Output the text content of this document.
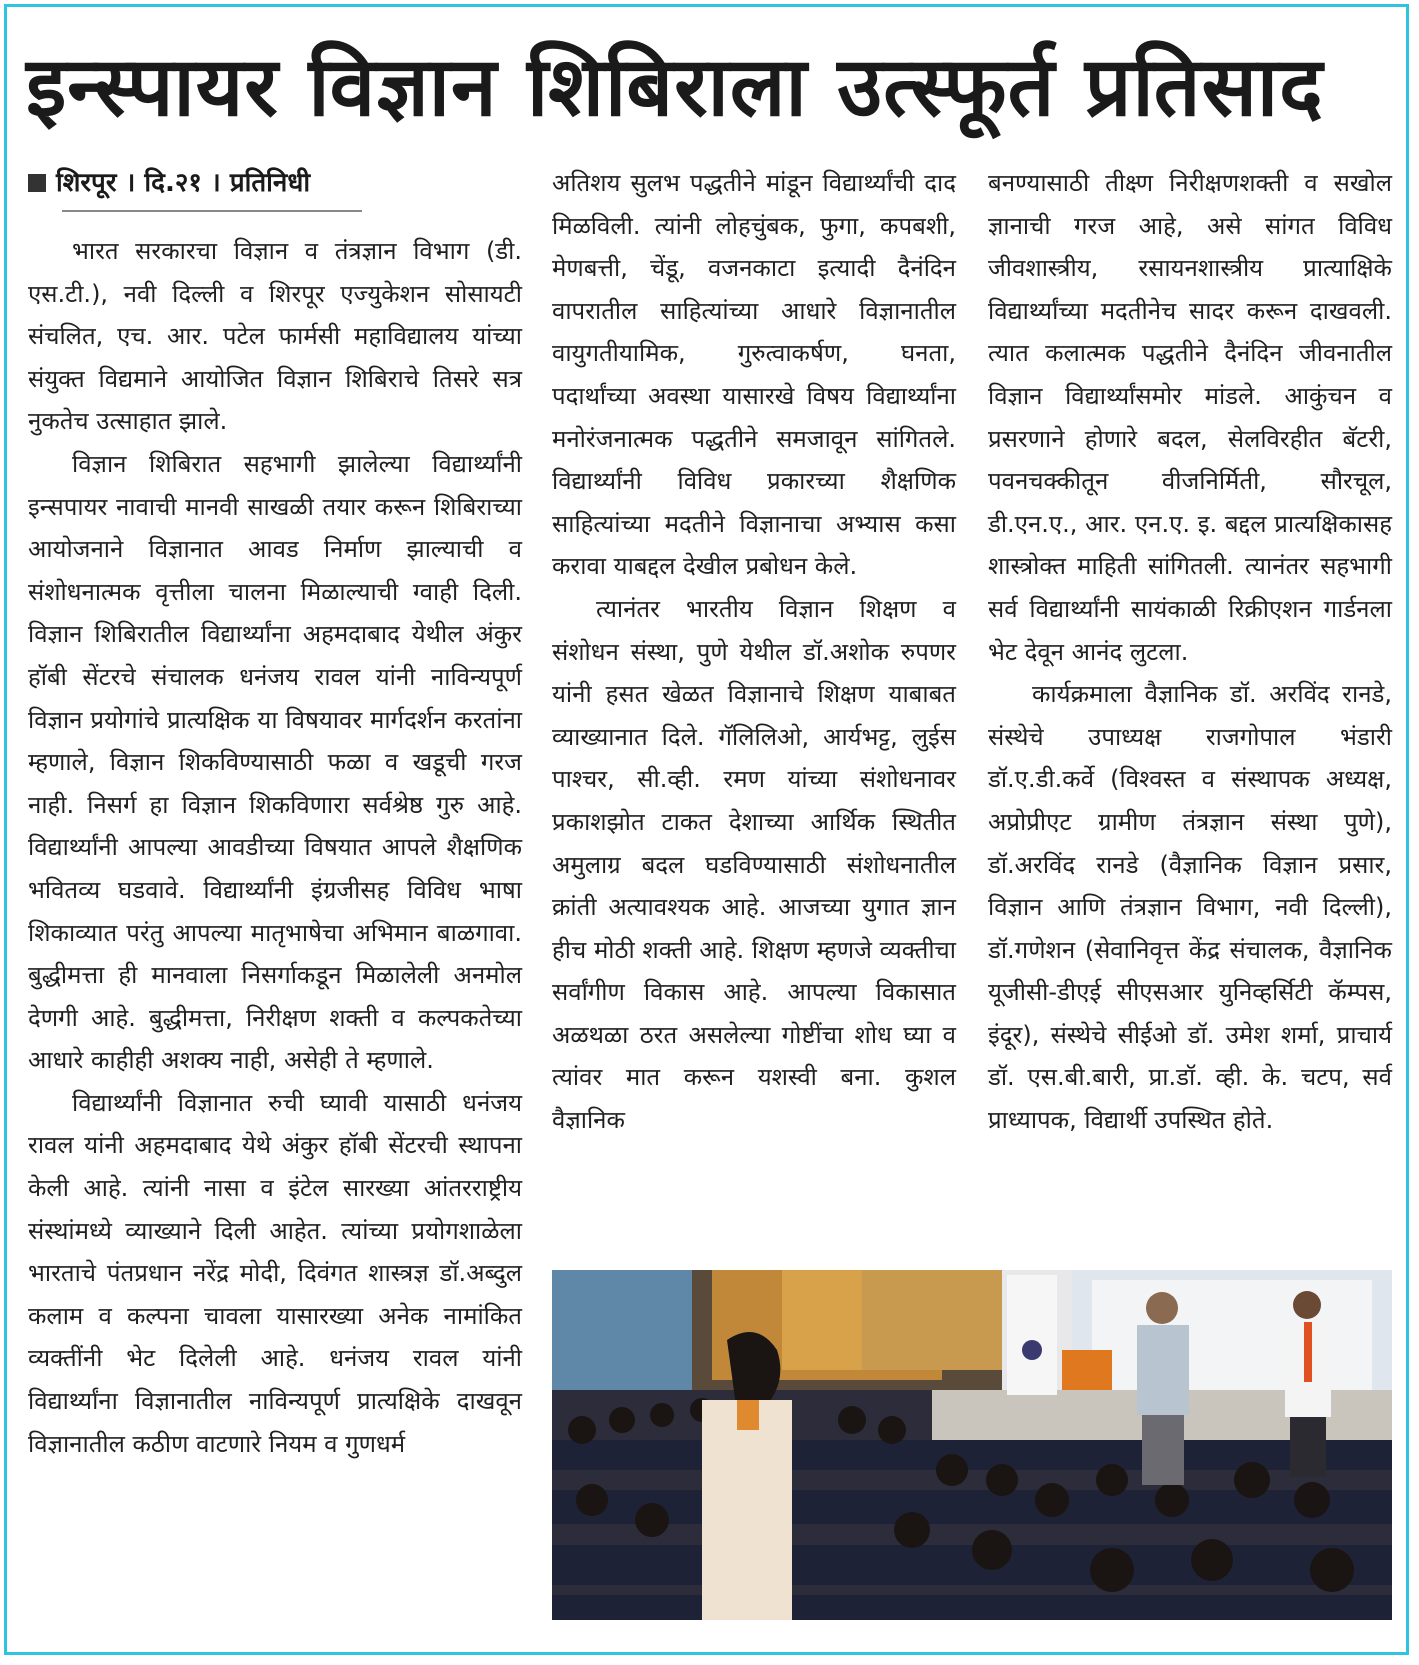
इन्स्पायर विज्ञान शिबिराला उत्स्फूर्त प्रतिसाद
शिरपूर । दि.२१ । प्रतिनिधी

भारत सरकारचा विज्ञान व तंत्रज्ञान विभाग (डी. एस.टी.), नवी दिल्ली व शिरपूर एज्युकेशन सोसायटी संचलित, एच. आर. पटेल फार्मसी महाविद्यालय यांच्या संयुक्त विद्यमाने आयोजित विज्ञान शिबिराचे तिसरे सत्र नुकतेच उत्साहात झाले.

विज्ञान शिबिरात सहभागी झालेल्या विद्यार्थ्यांनी इन्सपायर नावाची मानवी साखळी तयार करून शिबिराच्या आयोजनाने विज्ञानात आवड निर्माण झाल्याची व संशोधनात्मक वृत्तीला चालना मिळाल्याची ग्वाही दिली. विज्ञान शिबिरातील विद्यार्थ्यांना अहमदाबाद येथील अंकुर हॉबी सेंटरचे संचालक धनंजय रावल यांनी नाविन्यपूर्ण विज्ञान प्रयोगांचे प्रात्यक्षिक या विषयावर मार्गदर्शन करतांना म्हणाले, विज्ञान शिकविण्यासाठी फळा व खडूची गरज नाही. निसर्ग हा विज्ञान शिकविणारा सर्वश्रेष्ठ गुरु आहे. विद्यार्थ्यांनी आपल्या आवडीच्या विषयात आपले शैक्षणिक भवितव्य घडवावे. विद्यार्थ्यांनी इंग्रजीसह विविध भाषा शिकाव्यात परंतु आपल्या मातृभाषेचा अभिमान बाळगावा. बुद्धीमत्ता ही मानवाला निसर्गाकडून मिळालेली अनमोल देणगी आहे. बुद्धीमत्ता, निरीक्षण शक्ती व कल्पकतेच्या आधारे काहीही अशक्य नाही, असेही ते म्हणाले.

विद्यार्थ्यांनी विज्ञानात रुची घ्यावी यासाठी धनंजय रावल यांनी अहमदाबाद येथे अंकुर हॉबी सेंटरची स्थापना केली आहे. त्यांनी नासा व इंटेल सारख्या आंतरराष्ट्रीय संस्थांमध्ये व्याख्याने दिली आहेत. त्यांच्या प्रयोगशाळेला भारताचे पंतप्रधान नरेंद्र मोदी, दिवंगत शास्त्रज्ञ डॉ.अब्दुल कलाम व कल्पना चावला यासारख्या अनेक नामांकित व्यक्तींनी भेट दिलेली आहे. धनंजय रावल यांनी विद्यार्थ्यांना विज्ञानातील नाविन्यपूर्ण प्रात्यक्षिके दाखवून विज्ञानातील कठीण वाटणारे नियम व गुणधर्म

अतिशय सुलभ पद्धतीने मांडून विद्यार्थ्यांची दाद मिळविली. त्यांनी लोहचुंबक, फुगा, कपबशी, मेणबत्ती, चेंडू, वजनकाटा इत्यादी दैनंदिन वापरातील साहित्यांच्या आधारे विज्ञानातील वायुगतीयामिक, गुरुत्वाकर्षण, घनता, पदार्थांच्या अवस्था यासारखे विषय विद्यार्थ्यांना मनोरंजनात्मक पद्धतीने समजावून सांगितले. विद्यार्थ्यांनी विविध प्रकारच्या शैक्षणिक साहित्यांच्या मदतीने विज्ञानाचा अभ्यास कसा करावा याबद्दल देखील प्रबोधन केले.

त्यानंतर भारतीय विज्ञान शिक्षण व संशोधन संस्था, पुणे येथील डॉ.अशोक रुपणर यांनी हसत खेळत विज्ञानाचे शिक्षण याबाबत व्याख्यानात दिले. गॅलिलिओ, आर्यभट्ट, लुईस पाश्चर, सी.व्ही. रमण यांच्या संशोधनावर प्रकाशझोत टाकत देशाच्या आर्थिक स्थितीत अमुलाग्र बदल घडविण्यासाठी संशोधनातील क्रांती अत्यावश्यक आहे. आजच्या युगात ज्ञान हीच मोठी शक्ती आहे. शिक्षण म्हणजे व्यक्तीचा सर्वांगीण विकास आहे. आपल्या विकासात अळथळा ठरत असलेल्या गोष्टींचा शोध घ्या व त्यांवर मात करून यशस्वी बना. कुशल वैज्ञानिक

बनण्यासाठी तीक्ष्ण निरीक्षणशक्ती व सखोल ज्ञानाची गरज आहे, असे सांगत विविध जीवशास्त्रीय, रसायनशास्त्रीय प्रात्याक्षिके विद्यार्थ्यांच्या मदतीनेच सादर करून दाखवली. त्यात कलात्मक पद्धतीने दैनंदिन जीवनातील विज्ञान विद्यार्थ्यांसमोर मांडले. आकुंचन व प्रसरणाने होणारे बदल, सेलविरहीत बॅटरी, पवनचक्कीतून वीजनिर्मिती, सौरचूल, डी.एन.ए., आर. एन.ए. इ. बद्दल प्रात्यक्षिकासह शास्त्रोक्त माहिती सांगितली. त्यानंतर सहभागी सर्व विद्यार्थ्यांनी सायंकाळी रिक्रीएशन गार्डनला भेट देवून आनंद लुटला.

कार्यक्रमाला वैज्ञानिक डॉ. अरविंद रानडे, संस्थेचे उपाध्यक्ष राजगोपाल भंडारी डॉ.ए.डी.कर्वे (विश्वस्त व संस्थापक अध्यक्ष, अप्रोप्रीएट ग्रामीण तंत्रज्ञान संस्था पुणे), डॉ.अरविंद रानडे (वैज्ञानिक विज्ञान प्रसार, विज्ञान आणि तंत्रज्ञान विभाग, नवी दिल्ली), डॉ.गणेशन (सेवानिवृत्त केंद्र संचालक, वैज्ञानिक यूजीसी-डीएई सीएसआर युनिव्हर्सिटी कॅम्पस, इंदूर), संस्थेचे सीईओ डॉ. उमेश शर्मा, प्राचार्य डॉ. एस.बी.बारी, प्रा.डॉ. व्ही. के. चटप, सर्व प्राध्यापक, विद्यार्थी उपस्थित होते.
